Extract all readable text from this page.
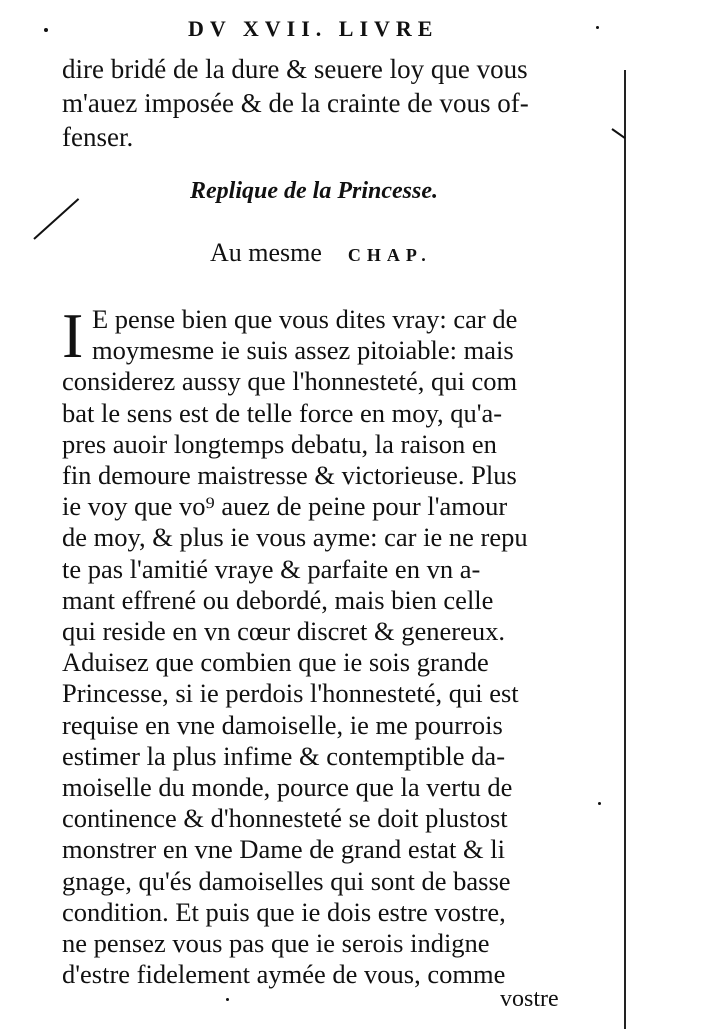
DV XVII. LIVRE
dire bridé de la dure & seuere loy que vous
m'auez imposée & de la crainte de vous of-
fenser.
Replique de la Princesse.
Au mesme CHAP.
I E pense bien que vous dites vray: car de
moymesme ie suis assez pitoiable: mais
considerez aussy que l'honnesteté, qui com
bat le sens est de telle force en moy, qu'a-
pres auoir longtemps debatu, la raison en
fin demoure maistresse & victorieuse. Plus
ie voy que vo⁹ auez de peine pour l'amour
de moy, & plus ie vous ayme: car ie ne repu
te pas l'amitié vraye & parfaite en vn a-
mant effrené ou debordé, mais bien celle
qui reside en vn cœur discret & genereux.
Aduisez que combien que ie sois grande
Princesse, si ie perdois l'honnesteté, qui est
requise en vne damoiselle, ie me pourrois
estimer la plus infime & contemptible da-
moiselle du monde, pource que la vertu de
continence & d'honnesteté se doit plustost
monstrer en vne Dame de grand estat & li
gnage, qu'és damoiselles qui sont de basse
condition. Et puis que ie dois estre vostre,
vostre
ne pensez vous pas que ie serois indigne
d'estre fidelement aymée de vous, comme
